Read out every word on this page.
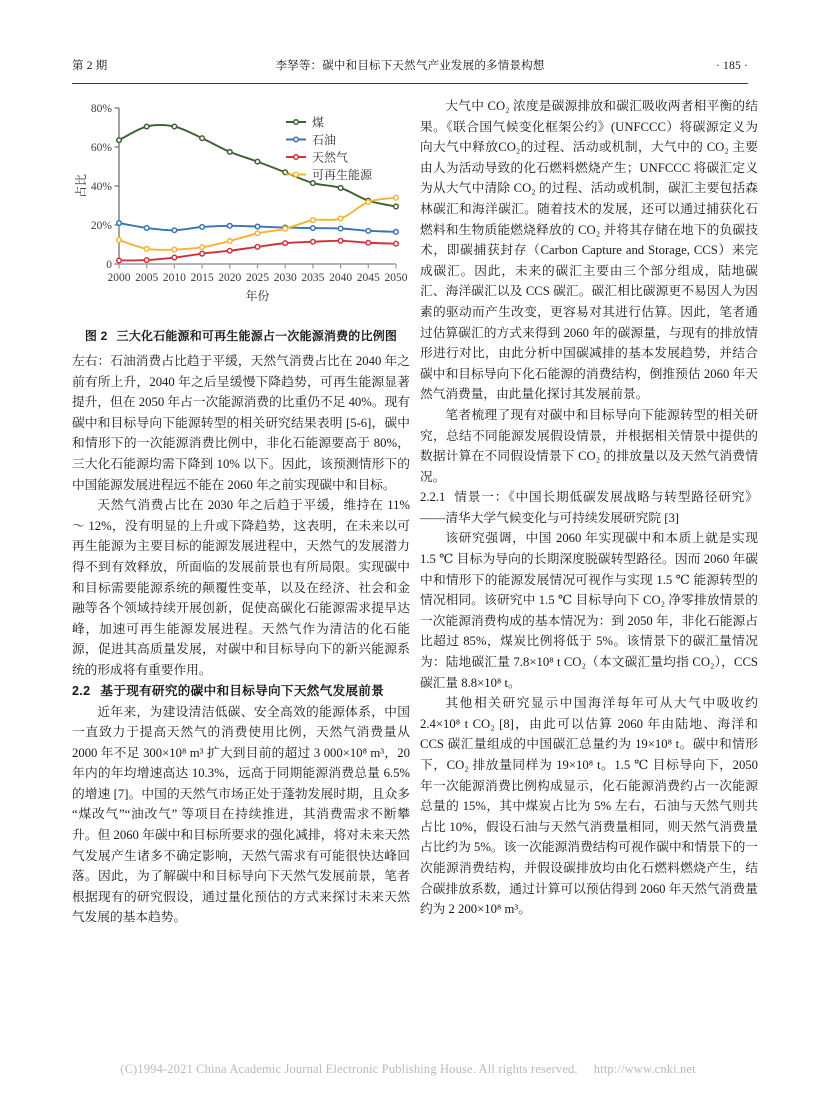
第 2 期	李孥等：碳中和目标下天然气产业发展的多情景构想	· 185 ·
0
20%
40%
60%
80%
2000 2005 2010 2015 2020 2025 2030 2035 2040 2045 2050
年份
占比
煤
石油
天然气
可再生能源
图 2 三大化石能源和可再生能源占一次能源消费的比例图

左右：石油消费占比趋于平缓，天然气消费占比在 2040 年之前有所上升，2040 年之后呈缓慢下降趋势，可再生能源显著提升，但在 2050 年占一次能源消费的比重仍不足 40%。现有碳中和目标导向下能源转型的相关研究结果表明 [5-6]，碳中和情形下的一次能源消费比例中，非化石能源要高于 80%，三大化石能源均需下降到 10% 以下。因此，该预测情形下的中国能源发展进程远不能在 2060 年之前实现碳中和目标。

天然气消费占比在 2030 年之后趋于平缓，维持在 11% ～ 12%，没有明显的上升或下降趋势，这表明，在未来以可再生能源为主要目标的能源发展进程中，天然气的发展潜力得不到有效释放，所面临的发展前景也有所局限。实现碳中和目标需要能源系统的颠覆性变革，以及在经济、社会和金融等各个领域持续开展创新，促使高碳化石能源需求提早达峰，加速可再生能源发展进程。天然气作为清洁的化石能源，促进其高质量发展，对碳中和目标导向下的新兴能源系统的形成将有重要作用。

2.2 基于现有研究的碳中和目标导向下天然气发展前景

近年来，为建设清洁低碳、安全高效的能源体系，中国一直致力于提高天然气的消费使用比例，天然气消费量从 2000 年不足 300×10⁸ m³ 扩大到目前的超过 3 000×10⁸ m³，20 年内的年均增速高达 10.3%，远高于同期能源消费总量 6.5% 的增速 [7]。中国的天然气市场正处于蓬勃发展时期，且众多 “煤改气”“油改气” 等项目在持续推进，其消费需求不断攀升。但 2060 年碳中和目标所要求的强化减排，将对未来天然气发展产生诸多不确定影响，天然气需求有可能很快达峰回落。因此，为了解碳中和目标导向下天然气发展前景，笔者根据现有的研究假设，通过量化预估的方式来探讨未来天然气发展的基本趋势。

大气中 CO₂ 浓度是碳源排放和碳汇吸收两者相平衡的结果。《联合国气候变化框架公约》(UNFCCC）将碳源定义为向大气中释放CO₂的过程、活动或机制，大气中的 CO₂ 主要由人为活动导致的化石燃料燃烧产生；UNFCCC 将碳汇定义为从大气中清除 CO₂ 的过程、活动或机制，碳汇主要包括森林碳汇和海洋碳汇。随着技术的发展，还可以通过捕获化石燃料和生物质能燃烧释放的 CO₂ 并将其存储在地下的负碳技术，即碳捕获封存（Carbon Capture and Storage, CCS）来完成碳汇。因此，未来的碳汇主要由三个部分组成，陆地碳汇、海洋碳汇以及 CCS 碳汇。碳汇相比碳源更不易因人为因素的驱动而产生改变，更容易对其进行估算。因此，笔者通过估算碳汇的方式来得到 2060 年的碳源量，与现有的排放情形进行对比，由此分析中国碳减排的基本发展趋势，并结合碳中和目标导向下化石能源的消费结构，倒推预估 2060 年天然气消费量，由此量化探讨其发展前景。

笔者梳理了现有对碳中和目标导向下能源转型的相关研究，总结不同能源发展假设情景，并根据相关情景中提供的数据计算在不同假设情景下 CO₂ 的排放量以及天然气消费情况。

2.2.1 情景一：《中国长期低碳发展战略与转型路径研究》——清华大学气候变化与可持续发展研究院 [3]

该研究强调，中国 2060 年实现碳中和本质上就是实现 1.5 ℃ 目标为导向的长期深度脱碳转型路径。因而 2060 年碳中和情形下的能源发展情况可视作与实现 1.5 ℃ 能源转型的情况相同。该研究中 1.5 ℃ 目标导向下 CO₂ 净零排放情景的一次能源消费构成的基本情况为：到 2050 年，非化石能源占比超过 85%，煤炭比例将低于 5%。该情景下的碳汇量情况为：陆地碳汇量 7.8×10⁸ t CO₂（本文碳汇量均指 CO₂），CCS 碳汇量 8.8×10⁸ t。

其他相关研究显示中国海洋每年可从大气中吸收约 2.4×10⁸ t CO₂ [8]，由此可以估算 2060 年由陆地、海洋和 CCS 碳汇量组成的中国碳汇总量约为 19×10⁸ t。碳中和情形下，CO₂ 排放量同样为 19×10⁸ t。1.5 ℃ 目标导向下，2050 年一次能源消费比例构成显示，化石能源消费约占一次能源总量的 15%，其中煤炭占比为 5% 左右，石油与天然气则共占比 10%，假设石油与天然气消费量相同，则天然气消费量占比约为 5%。该一次能源消费结构可视作碳中和情景下的一次能源消费结构，并假设碳排放均由化石燃料燃烧产生，结合碳排放系数，通过计算可以预估得到 2060 年天然气消费量约为 2 200×10⁸ m³。

(C)1994-2021 China Academic Journal Electronic Publishing House. All rights reserved. http://www.cnki.net
